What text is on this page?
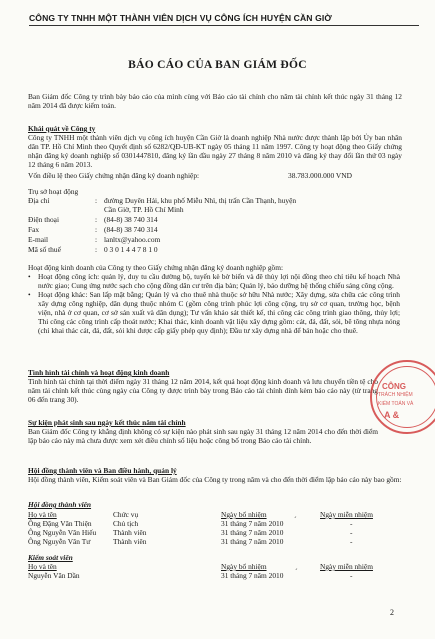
CÔNG TY TNHH MỘT THÀNH VIÊN DỊCH VỤ CÔNG ÍCH HUYỆN CẦN GIỜ
BÁO CÁO CỦA BAN GIÁM ĐỐC
Ban Giám đốc Công ty trình bày báo cáo của mình cùng với Báo cáo tài chính cho năm tài chính kết thúc ngày 31 tháng 12 năm 2014 đã được kiểm toán.
Khái quát về Công ty
Công ty TNHH một thành viên dịch vụ công ích huyện Cần Giờ là doanh nghiệp Nhà nước được thành lập bởi Ủy ban nhân dân TP. Hồ Chí Minh theo Quyết định số 6282/QĐ-UB-KT ngày 05 tháng 11 năm 1997. Công ty hoạt động theo Giấy chứng nhận đăng ký doanh nghiệp số 0301447810, đăng ký lần đầu ngày 27 tháng 8 năm 2010 và đăng ký thay đổi lần thứ 03 ngày 12 tháng 6 năm 2013.
Vốn điều lệ theo Giấy chứng nhận đăng ký doanh nghiệp:	38.783.000.000 VND
Trụ sở hoạt động
Địa chỉ	: đường Duyên Hải, khu phố Miễu Nhì, thị trấn Cần Thạnh, huyện Cần Giờ, TP. Hồ Chí Minh
Điện thoại	: (84-8) 38 740 314
Fax	: (84-8) 38 740 314
E-mail	: lanltx@yahoo.com
Mã số thuế	: 0 3 0 1 4 4 7 8 1 0
Hoạt động kinh doanh của Công ty theo Giấy chứng nhận đăng ký doanh nghiệp gồm:
• Hoạt động công ích: quản lý, duy tu cầu đường bộ, tuyến kè bờ biển và đê thủy lợi nội đồng theo chỉ tiêu kế hoạch Nhà nước giao; Cung ứng nước sạch cho cộng đồng dân cư trên địa bàn; Quản lý, bảo dưỡng hệ thống chiếu sáng công cộng.
• Hoạt động khác: San lấp mặt bằng; Quản lý và cho thuê nhà thuộc sở hữu Nhà nước; Xây dựng, sửa chữa các công trình xây dựng công nghiệp, dân dụng thuộc nhóm C (gồm công trình phúc lợi công cộng, trụ sở cơ quan, trường học, bệnh viện, nhà ở cơ quan, cơ sở sản xuất và dân dụng); Tư vấn khảo sát thiết kế, thi công các công trình giao thông, thủy lợi; Thi công các công trình cấp thoát nước; Khai thác, kinh doanh vật liệu xây dựng gồm: cát, đá, đất, sỏi, bê tông nhựa nóng (chỉ khai thác cát, đá, đất, sỏi khi được cấp giấy phép quy định); Đầu tư xây dựng nhà để bán hoặc cho thuê.
Tình hình tài chính và hoạt động kinh doanh
Tình hình tài chính tại thời điểm ngày 31 tháng 12 năm 2014, kết quả hoạt động kinh doanh và lưu chuyển tiền tệ cho năm tài chính kết thúc cùng ngày của Công ty được trình bày trong Báo cáo tài chính đính kèm báo cáo này (từ trang 06 đến trang 30).
Sự kiện phát sinh sau ngày kết thúc năm tài chính
Ban Giám đốc Công ty khẳng định không có sự kiện nào phát sinh sau ngày 31 tháng 12 năm 2014 cho đến thời điểm lập báo cáo này mà chưa được xem xét điều chỉnh số liệu hoặc công bố trong Báo cáo tài chính.
Hội đồng thành viên và Ban điều hành, quản lý
Hội đồng thành viên, Kiểm soát viên và Ban Giám đốc của Công ty trong năm và cho đến thời điểm lập báo cáo này bao gồm:
Hội đồng thành viên
Họ và tên	Chức vụ	Ngày bổ nhiệm	Ngày miễn nhiệm
Ông Đặng Văn Thiện	Chủ tịch	31 tháng 7 năm 2010	-
Ông Nguyễn Văn Hiếu Thành viên	31 tháng 7 năm 2010	-
Ông Nguyễn Văn Tư	Thành viên	31 tháng 7 năm 2010	-
Kiểm soát viên
Họ và tên	Ngày bổ nhiệm	Ngày miễn nhiệm
Nguyễn Văn Dần	31 tháng 7 năm 2010	-
ˊ
ˊ
CÔNG
TRÁCH NHIỆM
KIỂM TOÁN VÀ
A &
2
